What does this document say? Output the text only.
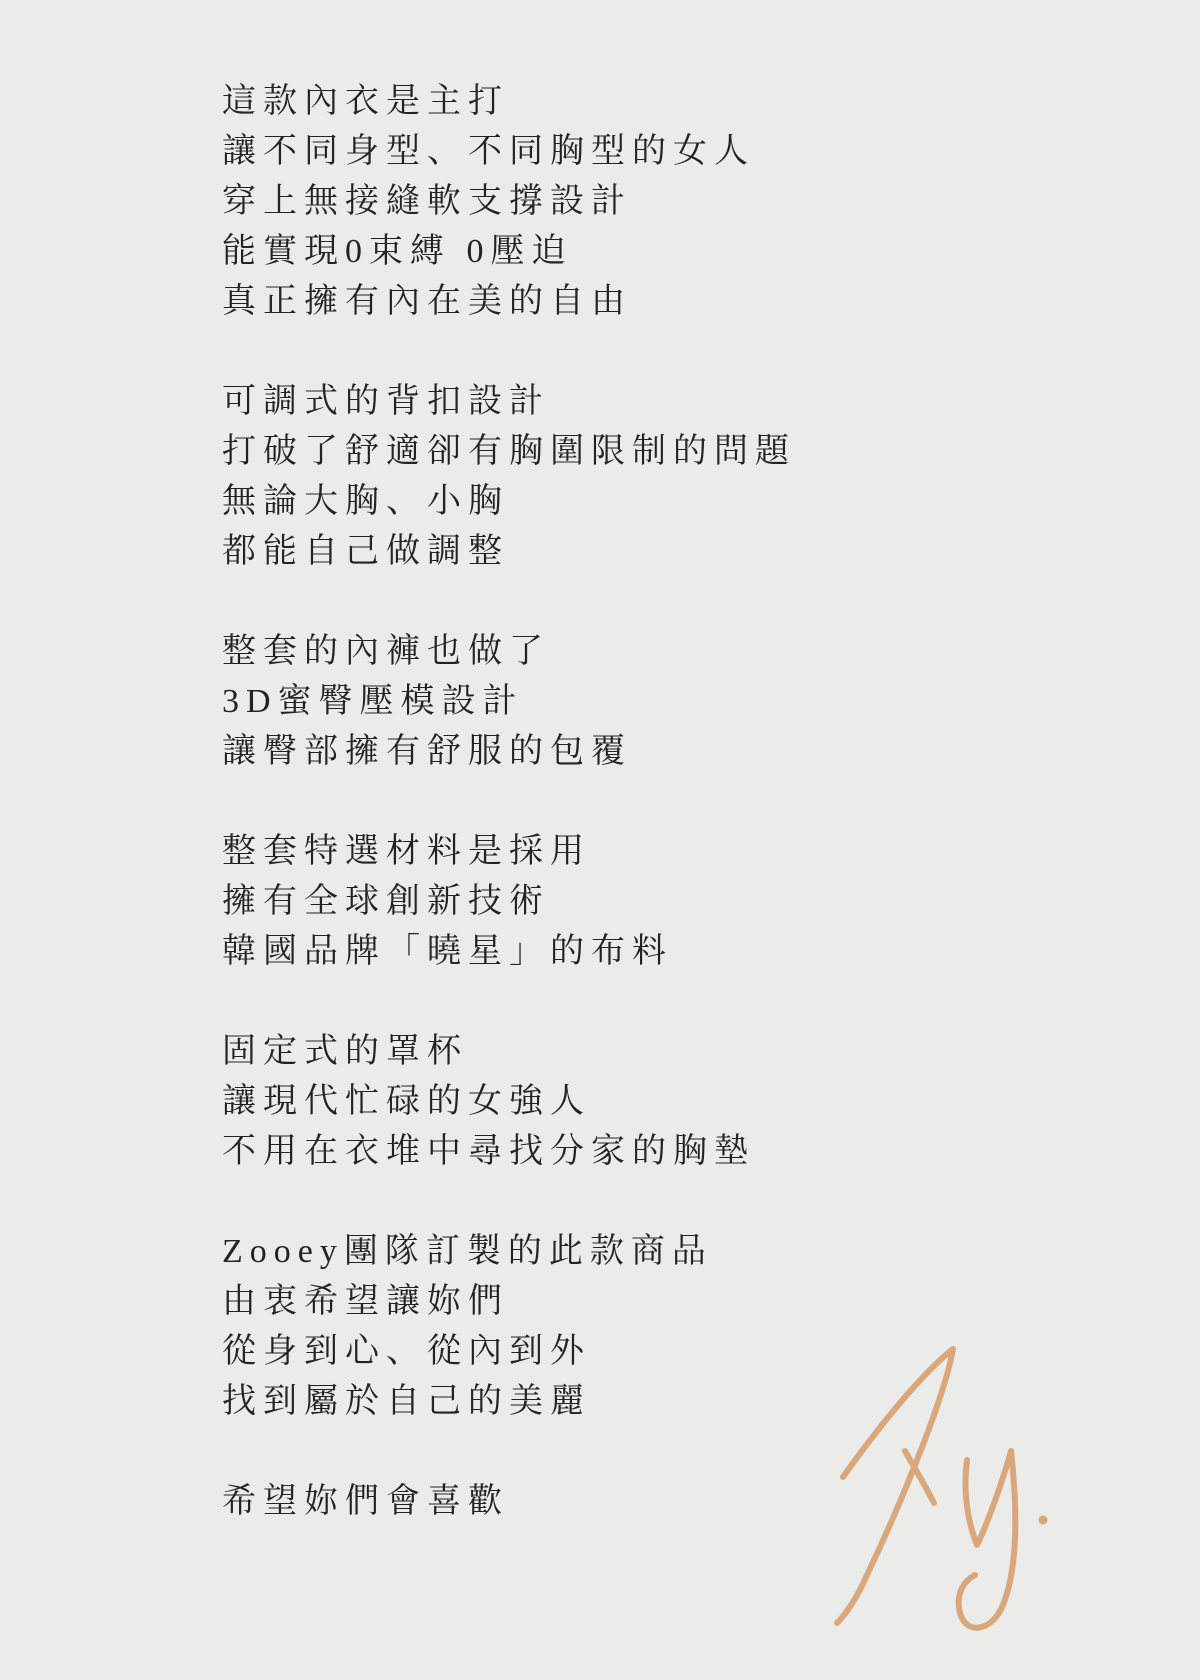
這款內衣是主打
讓不同身型、不同胸型的女人
穿上無接縫軟支撐設計
能實現0束縛 0壓迫
真正擁有內在美的自由
可調式的背扣設計
打破了舒適卻有胸圍限制的問題
無論大胸、小胸
都能自己做調整
整套的內褲也做了
3D蜜臀壓模設計
讓臀部擁有舒服的包覆
整套特選材料是採用
擁有全球創新技術
韓國品牌「曉星」的布料
固定式的罩杯
讓現代忙碌的女強人
不用在衣堆中尋找分家的胸墊
Zooey團隊訂製的此款商品
由衷希望讓妳們
從身到心、從內到外
找到屬於自己的美麗
希望妳們會喜歡
